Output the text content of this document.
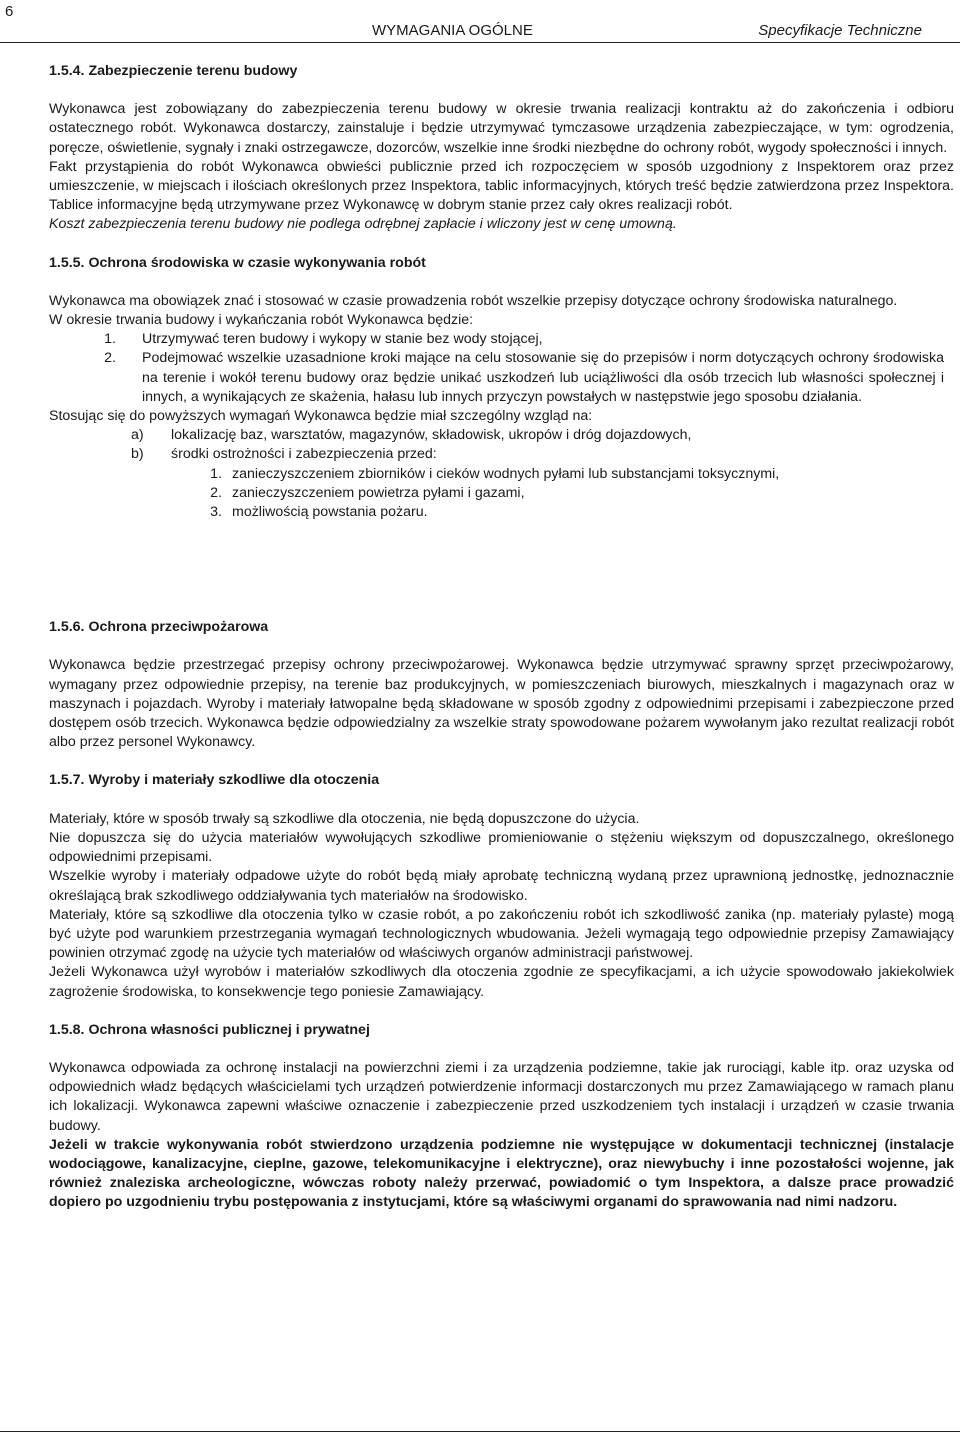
6
WYMAGANIA OGÓLNE	Specyfikacje Techniczne
1.5.4. Zabezpieczenie terenu budowy

Wykonawca jest zobowiązany do zabezpieczenia terenu budowy w okresie trwania realizacji kontraktu aż do zakończenia i odbioru ostatecznego robót. Wykonawca dostarczy, zainstaluje i będzie utrzymywać tymczasowe urządzenia zabezpieczające, w tym: ogrodzenia, poręcze, oświetlenie, sygnały i znaki ostrzegawcze, dozorców, wszelkie inne środki niezbędne do ochrony robót, wygody społeczności i innych.

Fakt przystąpienia do robót Wykonawca obwieści publicznie przed ich rozpoczęciem w sposób uzgodniony z Inspektorem oraz przez umieszczenie, w miejscach i ilościach określonych przez Inspektora, tablic informacyjnych, których treść będzie zatwierdzona przez Inspektora. Tablice informacyjne będą utrzymywane przez Wykonawcę w dobrym stanie przez cały okres realizacji robót.

Koszt zabezpieczenia terenu budowy nie podlega odrębnej zapłacie i wliczony jest w cenę umowną.

1.5.5. Ochrona środowiska w czasie wykonywania robót

Wykonawca ma obowiązek znać i stosować w czasie prowadzenia robót wszelkie przepisy dotyczące ochrony środowiska naturalnego.

W okresie trwania budowy i wykańczania robót Wykonawca będzie:

1.	Utrzymywać teren budowy i wykopy w stanie bez wody stojącej,
2.	Podejmować wszelkie uzasadnione kroki mające na celu stosowanie się do przepisów i norm dotyczących ochrony środowiska na terenie i wokół terenu budowy oraz będzie unikać uszkodzeń lub uciążliwości dla osób trzecich lub własności społecznej i innych, a wynikających ze skażenia, hałasu lub innych przyczyn powstałych w następstwie jego sposobu działania.

Stosując się do powyższych wymagań Wykonawca będzie miał szczególny wzgląd na:

a)	lokalizację baz, warsztatów, magazynów, składowisk, ukropów i dróg dojazdowych,
b)	środki ostrożności i zabezpieczenia przed:
1. zanieczyszczeniem zbiorników i cieków wodnych pyłami lub substancjami toksycznymi,
2. zanieczyszczeniem powietrza pyłami i gazami,
3. możliwością powstania pożaru.
1.5.6. Ochrona przeciwpożarowa

Wykonawca będzie przestrzegać przepisy ochrony przeciwpożarowej. Wykonawca będzie utrzymywać sprawny sprzęt przeciwpożarowy, wymagany przez odpowiednie przepisy, na terenie baz produkcyjnych, w pomieszczeniach biurowych, mieszkalnych i magazynach oraz w maszynach i pojazdach. Wyroby i materiały łatwopalne będą składowane w sposób zgodny z odpowiednimi przepisami i zabezpieczone przed dostępem osób trzecich. Wykonawca będzie odpowiedzialny za wszelkie straty spowodowane pożarem wywołanym jako rezultat realizacji robót albo przez personel Wykonawcy.

1.5.7. Wyroby i materiały szkodliwe dla otoczenia

Materiały, które w sposób trwały są szkodliwe dla otoczenia, nie będą dopuszczone do użycia.

Nie dopuszcza się do użycia materiałów wywołujących szkodliwe promieniowanie o stężeniu większym od dopuszczalnego, określonego odpowiednimi przepisami.

Wszelkie wyroby i materiały odpadowe użyte do robót będą miały aprobatę techniczną wydaną przez uprawnioną jednostkę, jednoznacznie określającą brak szkodliwego oddziaływania tych materiałów na środowisko.

Materiały, które są szkodliwe dla otoczenia tylko w czasie robót, a po zakończeniu robót ich szkodliwość zanika (np. materiały pylaste) mogą być użyte pod warunkiem przestrzegania wymagań technologicznych wbudowania. Jeżeli wymagają tego odpowiednie przepisy Zamawiający powinien otrzymać zgodę na użycie tych materiałów od właściwych organów administracji państwowej.

Jeżeli Wykonawca użył wyrobów i materiałów szkodliwych dla otoczenia zgodnie ze specyfikacjami, a ich użycie spowodowało jakiekolwiek zagrożenie środowiska, to konsekwencje tego poniesie Zamawiający.

1.5.8. Ochrona własności publicznej i prywatnej

Wykonawca odpowiada za ochronę instalacji na powierzchni ziemi i za urządzenia podziemne, takie jak rurociągi, kable itp. oraz uzyska od odpowiednich władz będących właścicielami tych urządzeń potwierdzenie informacji dostarczonych mu przez Zamawiającego w ramach planu ich lokalizacji. Wykonawca zapewni właściwe oznaczenie i zabezpieczenie przed uszkodzeniem tych instalacji i urządzeń w czasie trwania budowy.

Jeżeli w trakcie wykonywania robót stwierdzono urządzenia podziemne nie występujące w dokumentacji technicznej (instalacje wodociągowe, kanalizacyjne, cieplne, gazowe, telekomunikacyjne i elektryczne), oraz niewybuchy i inne pozostałości wojenne, jak również znaleziska archeologiczne, wówczas roboty należy przerwać, powiadomić o tym Inspektora, a dalsze prace prowadzić dopiero po uzgodnieniu trybu postępowania z instytucjami, które są właściwymi organami do sprawowania nad nimi nadzoru.
